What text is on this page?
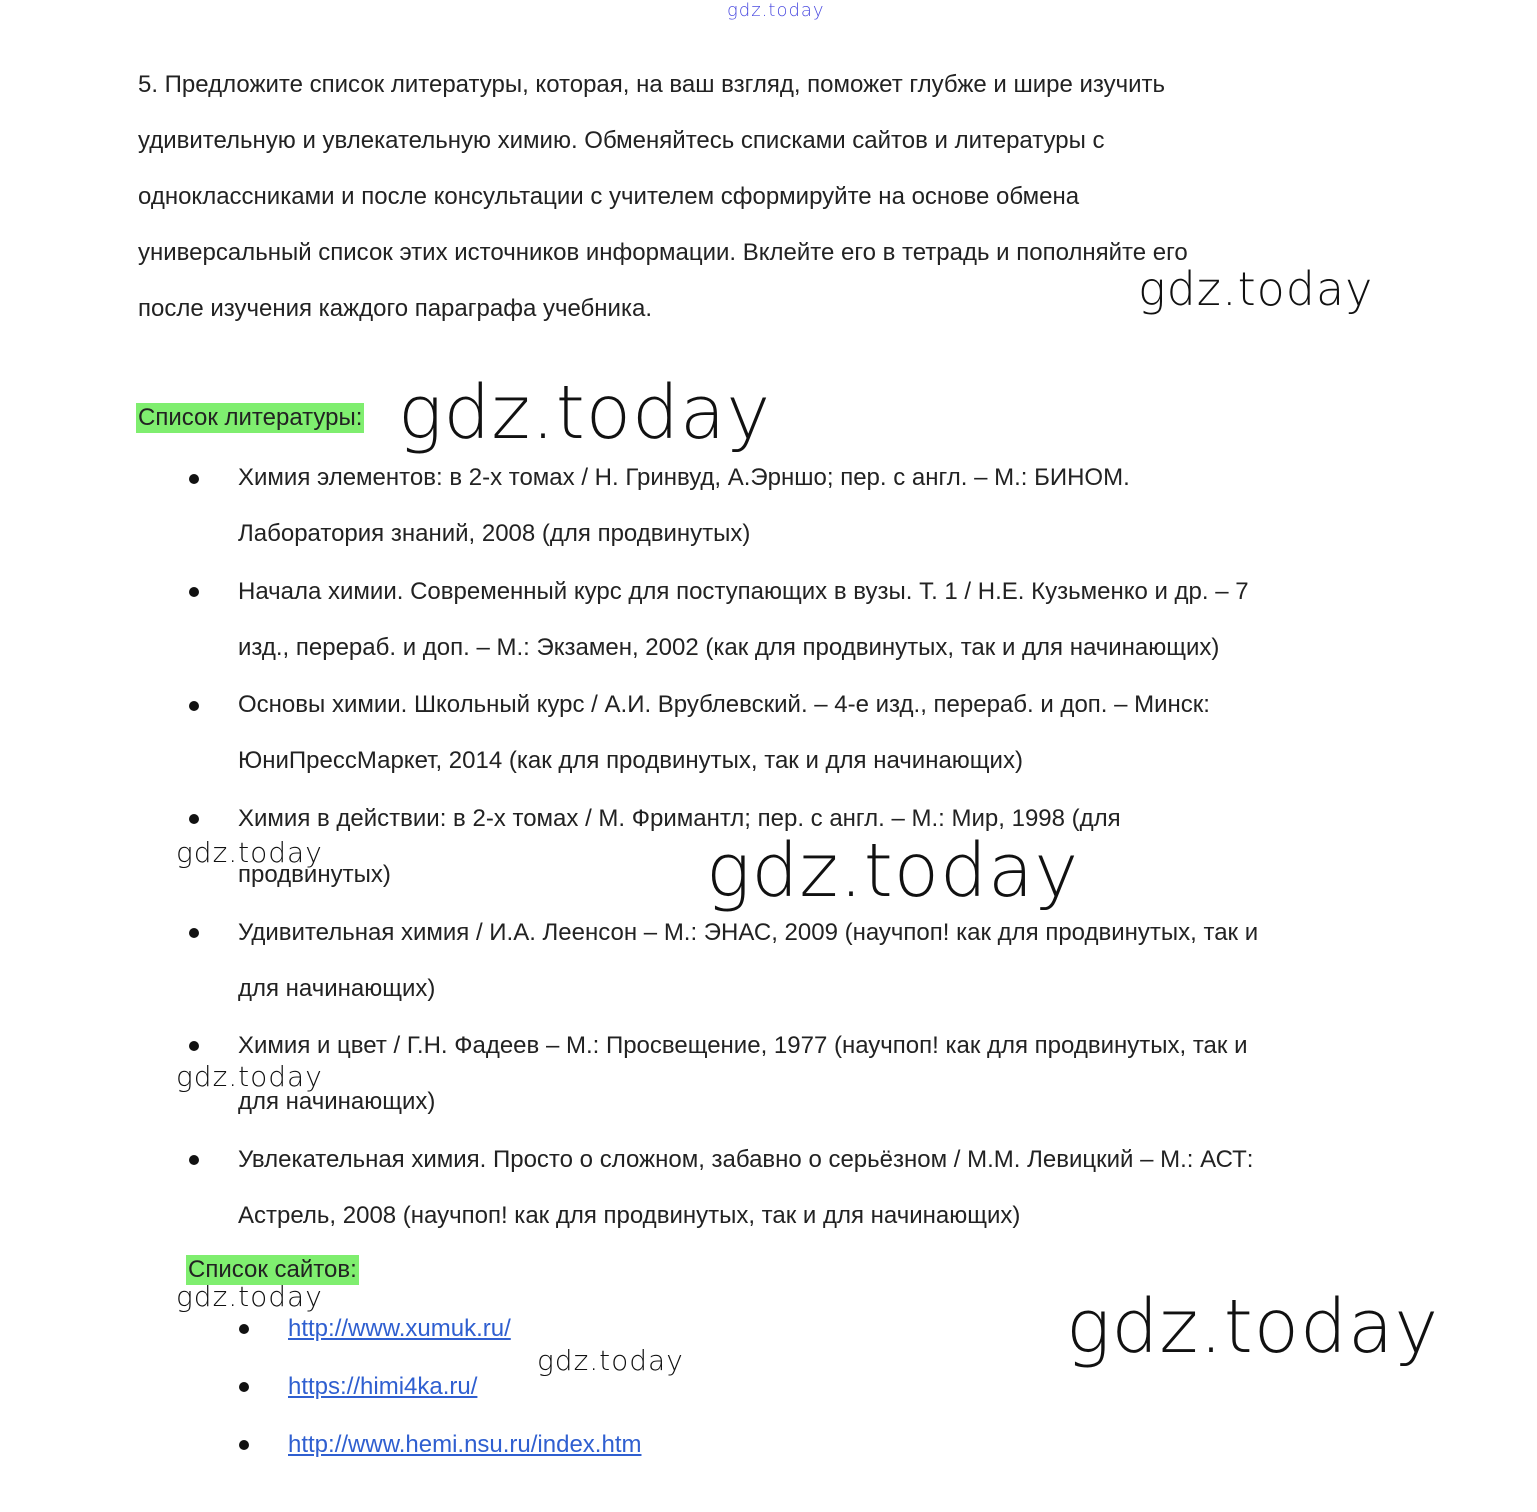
gdz.today
5. Предложите список литературы, которая, на ваш взгляд, поможет глубже и шире изучить
удивительную и увлекательную химию. Обменяйтесь списками сайтов и литературы с
одноклассниками и после консультации с учителем сформируйте на основе обмена
универсальный список этих источников информации. Вклейте его в тетрадь и пополняйте его
после изучения каждого параграфа учебника.
Список литературы:
Химия элементов: в 2-х томах / Н. Гринвуд, А.Эрншо; пер. с англ. – М.: БИНОМ.
Лаборатория знаний, 2008 (для продвинутых)
Начала химии. Современный курс для поступающих в вузы. Т. 1 / Н.Е. Кузьменко и др. – 7
изд., перераб. и доп. – М.: Экзамен, 2002 (как для продвинутых, так и для начинающих)
Основы химии. Школьный курс / А.И. Врублевский. – 4-е изд., перераб. и доп. – Минск:
ЮниПрессМаркет, 2014 (как для продвинутых, так и для начинающих)
Химия в действии: в 2-х томах / М. Фримантл; пер. с англ. – М.: Мир, 1998 (для
продвинутых)
Удивительная химия / И.А. Леенсон – М.: ЭНАС, 2009 (научпоп! как для продвинутых, так и
для начинающих)
Химия и цвет / Г.Н. Фадеев – М.: Просвещение, 1977 (научпоп! как для продвинутых, так и
для начинающих)
Увлекательная химия. Просто о сложном, забавно о серьёзном / М.М. Левицкий – М.: АСТ:
Астрель, 2008 (научпоп! как для продвинутых, так и для начинающих)
Список сайтов:
http://www.xumuk.ru/
https://himi4ka.ru/
http://www.hemi.nsu.ru/index.htm
gdz.today
gdz.today
gdz.today	gdz.today
gdz.today
gdz.today
gdz.today	gdz.today
